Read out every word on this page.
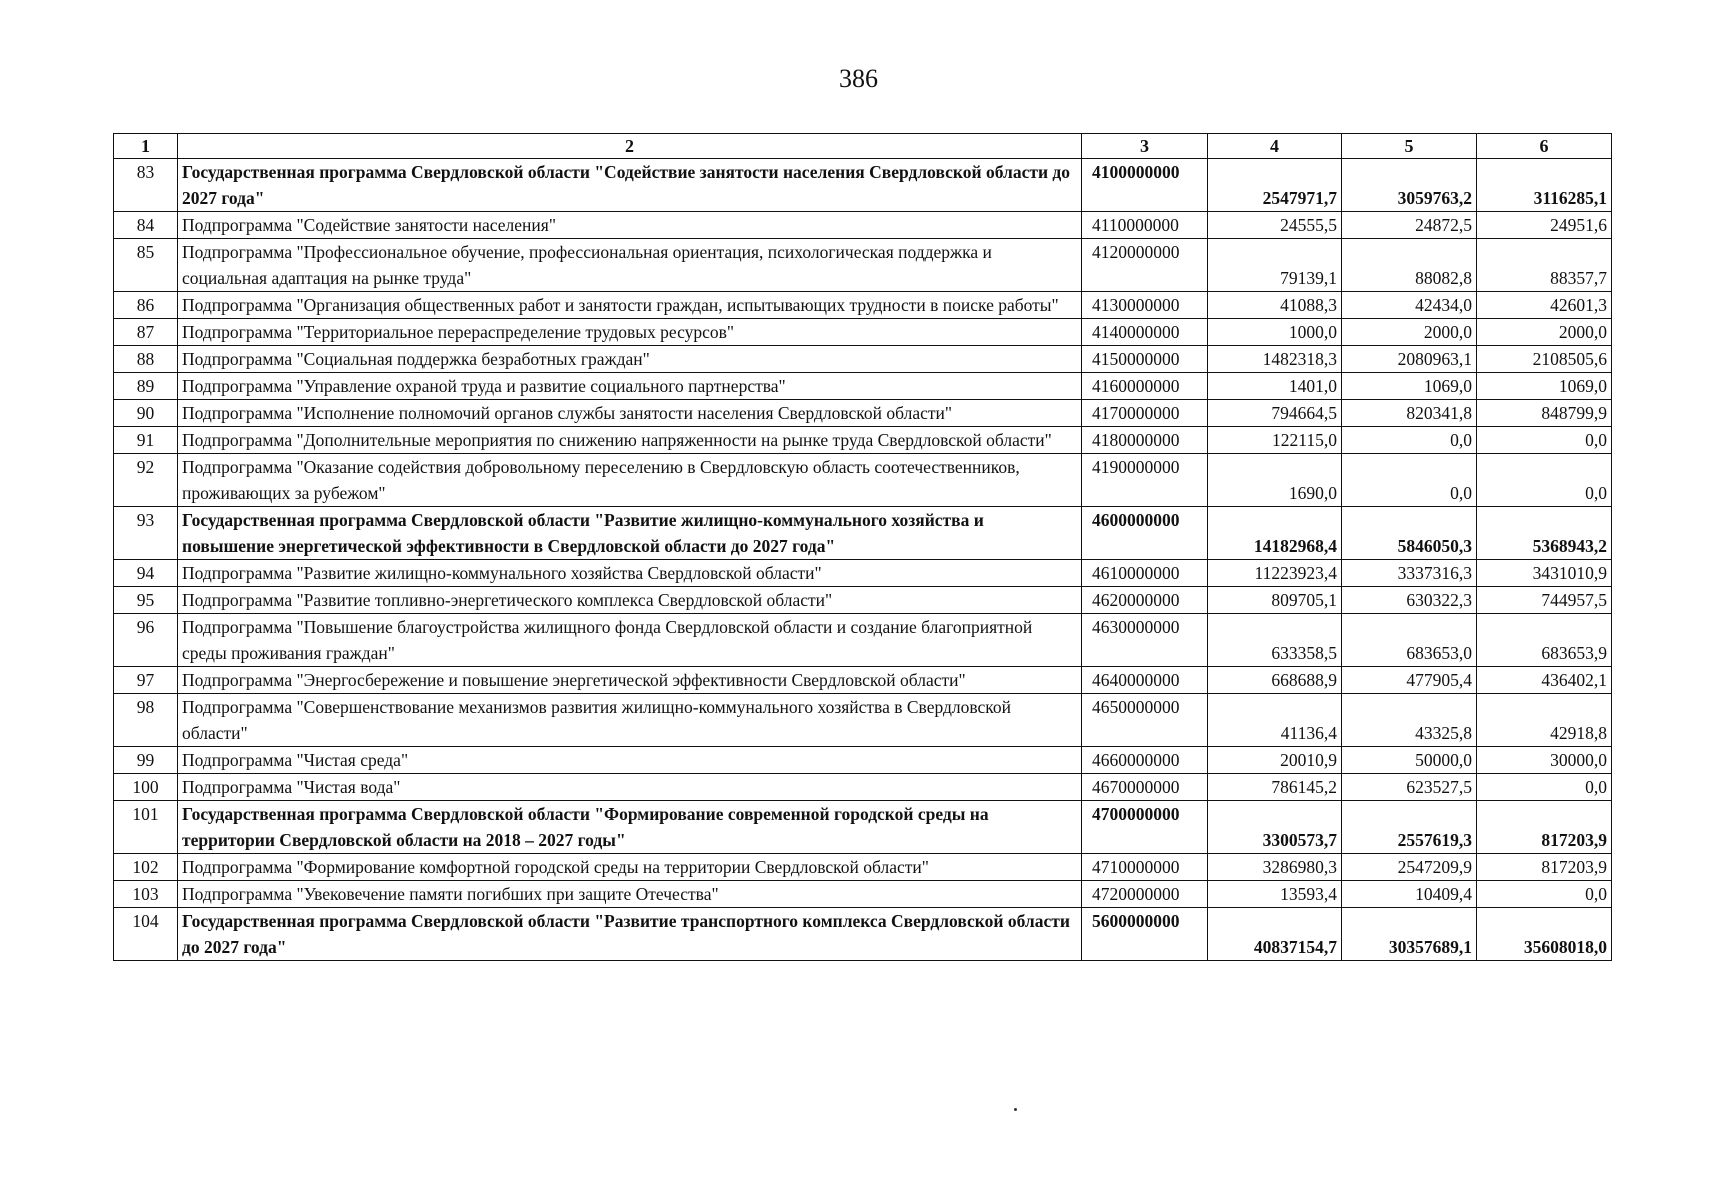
386
1	2	3	4	5	6
83	Государственная программа Свердловской области "Содействие занятости населения Свердловской области до 2027 года"	4100000000	2547971,7	3059763,2	3116285,1
84	Подпрограмма "Содействие занятости населения"	4110000000	24555,5	24872,5	24951,6
85	Подпрограмма "Профессиональное обучение, профессиональная ориентация, психологическая поддержка и социальная адаптация на рынке труда"	4120000000	79139,1	88082,8	88357,7
86	Подпрограмма "Организация общественных работ и занятости граждан, испытывающих трудности в поиске работы"	4130000000	41088,3	42434,0	42601,3
87	Подпрограмма "Территориальное перераспределение трудовых ресурсов"	4140000000	1000,0	2000,0	2000,0
88	Подпрограмма "Социальная поддержка безработных граждан"	4150000000	1482318,3	2080963,1	2108505,6
89	Подпрограмма "Управление охраной труда и развитие социального партнерства"	4160000000	1401,0	1069,0	1069,0
90	Подпрограмма "Исполнение полномочий органов службы занятости населения Свердловской области"	4170000000	794664,5	820341,8	848799,9
91	Подпрограмма "Дополнительные мероприятия по снижению напряженности на рынке труда Свердловской области"	4180000000	122115,0	0,0	0,0
92	Подпрограмма "Оказание содействия добровольному переселению в Свердловскую область соотечественников, проживающих за рубежом"	4190000000	1690,0	0,0	0,0
93	Государственная программа Свердловской области "Развитие жилищно-коммунального хозяйства и повышение энергетической эффективности в Свердловской области до 2027 года"	4600000000	14182968,4	5846050,3	5368943,2
94	Подпрограмма "Развитие жилищно-коммунального хозяйства Свердловской области"	4610000000	11223923,4	3337316,3	3431010,9
95	Подпрограмма "Развитие топливно-энергетического комплекса Свердловской области"	4620000000	809705,1	630322,3	744957,5
96	Подпрограмма "Повышение благоустройства жилищного фонда Свердловской области и создание благоприятной среды проживания граждан"	4630000000	633358,5	683653,0	683653,9
97	Подпрограмма "Энергосбережение и повышение энергетической эффективности Свердловской области"	4640000000	668688,9	477905,4	436402,1
98	Подпрограмма "Совершенствование механизмов развития жилищно-коммунального хозяйства в Свердловской области"	4650000000	41136,4	43325,8	42918,8
99	Подпрограмма "Чистая среда"	4660000000	20010,9	50000,0	30000,0
100	Подпрограмма "Чистая вода"	4670000000	786145,2	623527,5	0,0
101	Государственная программа Свердловской области "Формирование современной городской среды на территории Свердловской области на 2018 – 2027 годы"	4700000000	3300573,7	2557619,3	817203,9
102	Подпрограмма "Формирование комфортной городской среды на территории Свердловской области"	4710000000	3286980,3	2547209,9	817203,9
103	Подпрограмма "Увековечение памяти погибших при защите Отечества"	4720000000	13593,4	10409,4	0,0
104	Государственная программа Свердловской области "Развитие транспортного комплекса Свердловской области до 2027 года"	5600000000	40837154,7	30357689,1	35608018,0
